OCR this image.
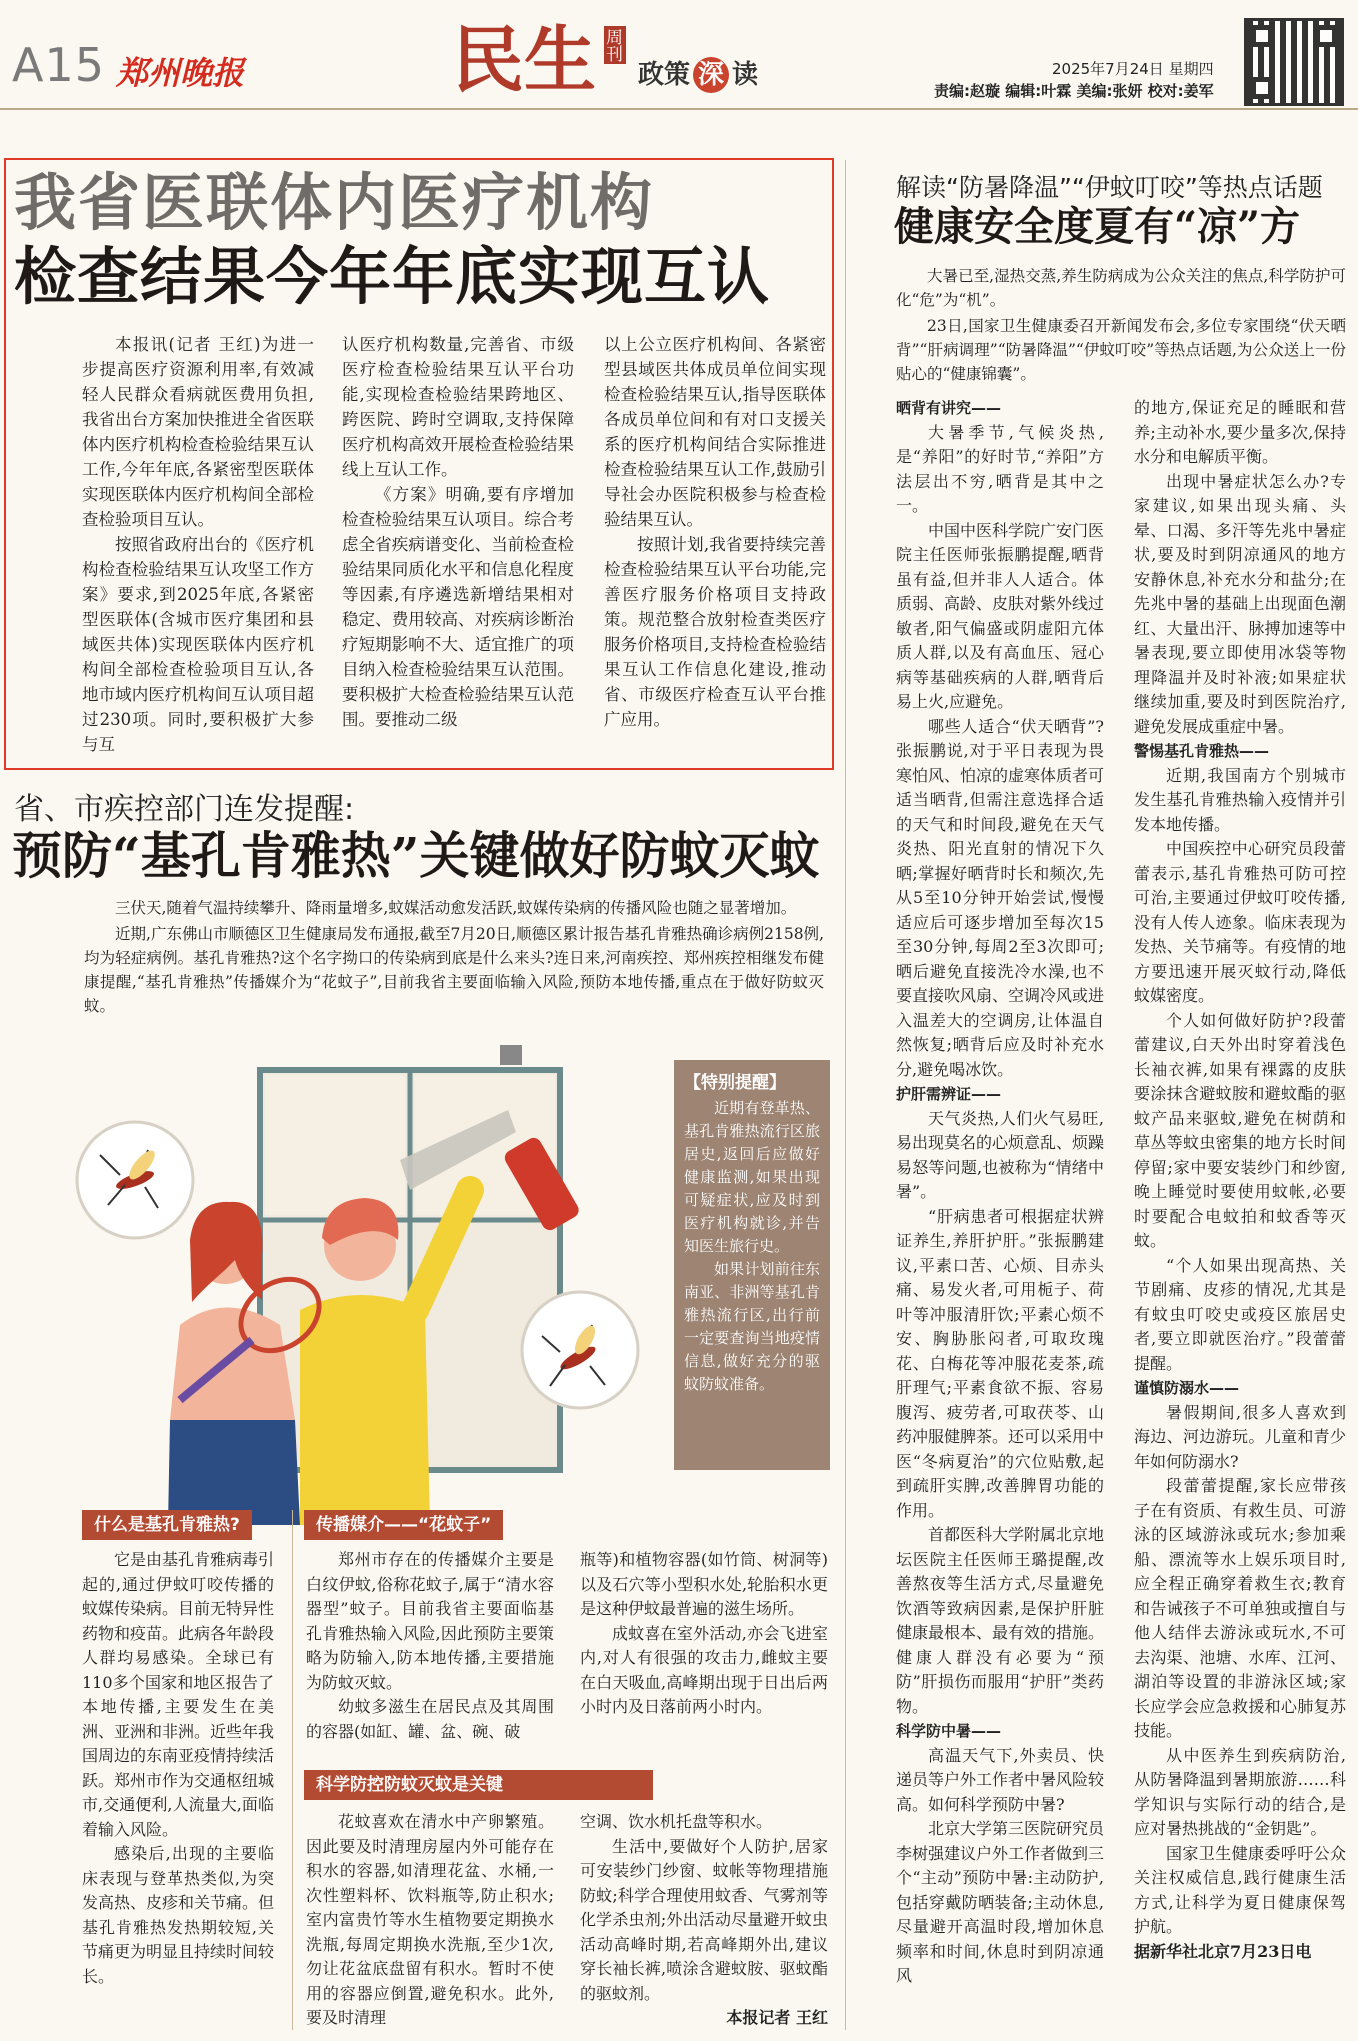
A15 郑州晚报	民 生 周刊
政策 深 读	2025年7月24日 星期四
责编:赵璇 编辑:叶霖 美编:张妍 校对:姜军
我省医联体内医疗机构
检查结果今年年底实现互认

本报讯(记者 王红)为进一步提高医疗资源利用率,有效减轻人民群众看病就医费用负担,我省出台方案加快推进全省医联体内医疗机构检查检验结果互认工作,今年年底,各紧密型医联体实现医联体内医疗机构间全部检查检验项目互认。

按照省政府出台的《医疗机构检查检验结果互认攻坚工作方案》要求,到2025年底,各紧密型医联体(含城市医疗集团和县域医共体)实现医联体内医疗机构间全部检查检验项目互认,各地市域内医疗机构间互认项目超过230项。同时,要积极扩大参与互

认医疗机构数量,完善省、市级医疗检查检验结果互认平台功能,实现检查检验结果跨地区、跨医院、跨时空调取,支持保障医疗机构高效开展检查检验结果线上互认工作。

《方案》明确,要有序增加检查检验结果互认项目。综合考虑全省疾病谱变化、当前检查检验结果同质化水平和信息化程度等因素,有序遴选新增结果相对稳定、费用较高、对疾病诊断治疗短期影响不大、适宜推广的项目纳入检查检验结果互认范围。要积极扩大检查检验结果互认范围。要推动二级

以上公立医疗机构间、各紧密型县域医共体成员单位间实现检查检验结果互认,指导医联体各成员单位间和有对口支援关系的医疗机构间结合实际推进检查检验结果互认工作,鼓励引导社会办医院积极参与检查检验结果互认。

按照计划,我省要持续完善检查检验结果互认平台功能,完善医疗服务价格项目支持政策。规范整合放射检查类医疗服务价格项目,支持检查检验结果互认工作信息化建设,推动省、市级医疗检查互认平台推广应用。

省、市疾控部门连发提醒:
预防“基孔肯雅热”关键做好防蚊灭蚊

三伏天,随着气温持续攀升、降雨量增多,蚊媒活动愈发活跃,蚊媒传染病的传播风险也随之显著增加。

近期,广东佛山市顺德区卫生健康局发布通报,截至7月20日,顺德区累计报告基孔肯雅热确诊病例2158例,均为轻症病例。基孔肯雅热?这个名字拗口的传染病到底是什么来头?连日来,河南疾控、郑州疾控相继发布健康提醒,“基孔肯雅热”传播媒介为“花蚊子”,目前我省主要面临输入风险,预防本地传播,重点在于做好防蚊灭蚊。

【特别提醒】

近期有登革热、基孔肯雅热流行区旅居史,返回后应做好健康监测,如果出现可疑症状,应及时到医疗机构就诊,并告知医生旅行史。

如果计划前往东南亚、非洲等基孔肯雅热流行区,出行前一定要查询当地疫情信息,做好充分的驱蚊防蚊准备。

什么是基孔肯雅热?

它是由基孔肯雅病毒引起的,通过伊蚊叮咬传播的蚊媒传染病。目前无特异性药物和疫苗。此病各年龄段人群均易感染。全球已有110多个国家和地区报告了本地传播,主要发生在美洲、亚洲和非洲。近些年我国周边的东南亚疫情持续活跃。郑州市作为交通枢纽城市,交通便利,人流量大,面临着输入风险。

感染后,出现的主要临床表现与登革热类似,为突发高热、皮疹和关节痛。但基孔肯雅热发热期较短,关节痛更为明显且持续时间较长。

传播媒介——“花蚊子”

郑州市存在的传播媒介主要是白纹伊蚊,俗称花蚊子,属于“清水容器型”蚊子。目前我省主要面临基孔肯雅热输入风险,因此预防主要策略为防输入,防本地传播,主要措施为防蚊灭蚊。

幼蚊多滋生在居民点及其周围的容器(如缸、罐、盆、碗、破

瓶等)和植物容器(如竹筒、树洞等)以及石穴等小型积水处,轮胎积水更是这种伊蚊最普遍的滋生场所。

成蚊喜在室外活动,亦会飞进室内,对人有很强的攻击力,雌蚊主要在白天吸血,高峰期出现于日出后两小时内及日落前两小时内。

科学防控防蚊灭蚊是关键

花蚊喜欢在清水中产卵繁殖。因此要及时清理房屋内外可能存在积水的容器,如清理花盆、水桶,一次性塑料杯、饮料瓶等,防止积水;室内富贵竹等水生植物要定期换水洗瓶,每周定期换水洗瓶,至少1次,勿让花盆底盘留有积水。暂时不使用的容器应倒置,避免积水。此外,要及时清理

空调、饮水机托盘等积水。

生活中,要做好个人防护,居家可安装纱门纱窗、蚊帐等物理措施防蚊;科学合理使用蚊香、气雾剂等化学杀虫剂;外出活动尽量避开蚊虫活动高峰时期,若高峰期外出,建议穿长袖长裤,喷涂含避蚊胺、驱蚊酯的驱蚊剂。

本报记者 王红

解读“防暑降温”“伊蚊叮咬”等热点话题
健康安全度夏有“凉”方

大暑已至,湿热交蒸,养生防病成为公众关注的焦点,科学防护可化“危”为“机”。

23日,国家卫生健康委召开新闻发布会,多位专家围绕“伏天晒背”“肝病调理”“防暑降温”“伊蚊叮咬”等热点话题,为公众送上一份贴心的“健康锦囊”。

晒背有讲究——

大暑季节,气候炎热,是“养阳”的好时节,“养阳”方法层出不穷,晒背是其中之一。

中国中医科学院广安门医院主任医师张振鹏提醒,晒背虽有益,但并非人人适合。体质弱、高龄、皮肤对紫外线过敏者,阳气偏盛或阴虚阳亢体质人群,以及有高血压、冠心病等基础疾病的人群,晒背后易上火,应避免。

哪些人适合“伏天晒背”?张振鹏说,对于平日表现为畏寒怕风、怕凉的虚寒体质者可适当晒背,但需注意选择合适的天气和时间段,避免在天气炎热、阳光直射的情况下久晒;掌握好晒背时长和频次,先从5至10分钟开始尝试,慢慢适应后可逐步增加至每次15至30分钟,每周2至3次即可;晒后避免直接洗冷水澡,也不要直接吹风扇、空调冷风或进入温差大的空调房,让体温自然恢复;晒背后应及时补充水分,避免喝冰饮。

护肝需辨证——

天气炎热,人们火气易旺,易出现莫名的心烦意乱、烦躁易怒等问题,也被称为“情绪中暑”。

“肝病患者可根据症状辨证养生,养肝护肝。”张振鹏建议,平素口苦、心烦、目赤头痛、易发火者,可用栀子、荷叶等冲服清肝饮;平素心烦不安、胸胁胀闷者,可取玫瑰花、白梅花等冲服花麦茶,疏肝理气;平素食欲不振、容易腹泻、疲劳者,可取茯苓、山药冲服健脾茶。还可以采用中医“冬病夏治”的穴位贴敷,起到疏肝实脾,改善脾胃功能的作用。

首都医科大学附属北京地坛医院主任医师王璐提醒,改善熬夜等生活方式,尽量避免饮酒等致病因素,是保护肝脏健康最根本、最有效的措施。健康人群没有必要为“预防”肝损伤而服用“护肝”类药物。

科学防中暑——

高温天气下,外卖员、快递员等户外工作者中暑风险较高。如何科学预防中暑?

北京大学第三医院研究员李树强建议户外工作者做到三个“主动”预防中暑:主动防护,包括穿戴防晒装备;主动休息,尽量避开高温时段,增加休息频率和时间,休息时到阴凉通风

的地方,保证充足的睡眠和营养;主动补水,要少量多次,保持水分和电解质平衡。

出现中暑症状怎么办?专家建议,如果出现头痛、头晕、口渴、多汗等先兆中暑症状,要及时到阴凉通风的地方安静休息,补充水分和盐分;在先兆中暑的基础上出现面色潮红、大量出汗、脉搏加速等中暑表现,要立即使用冰袋等物理降温并及时补液;如果症状继续加重,要及时到医院治疗,避免发展成重症中暑。

警惕基孔肯雅热——

近期,我国南方个别城市发生基孔肯雅热输入疫情并引发本地传播。

中国疾控中心研究员段蕾蕾表示,基孔肯雅热可防可控可治,主要通过伊蚊叮咬传播,没有人传人迹象。临床表现为发热、关节痛等。有疫情的地方要迅速开展灭蚊行动,降低蚊媒密度。

个人如何做好防护?段蕾蕾建议,白天外出时穿着浅色长袖衣裤,如果有裸露的皮肤要涂抹含避蚊胺和避蚊酯的驱蚊产品来驱蚊,避免在树荫和草丛等蚊虫密集的地方长时间停留;家中要安装纱门和纱窗,晚上睡觉时要使用蚊帐,必要时要配合电蚊拍和蚊香等灭蚊。

“个人如果出现高热、关节剧痛、皮疹的情况,尤其是有蚊虫叮咬史或疫区旅居史者,要立即就医治疗。”段蕾蕾提醒。

谨慎防溺水——

暑假期间,很多人喜欢到海边、河边游玩。儿童和青少年如何防溺水?

段蕾蕾提醒,家长应带孩子在有资质、有救生员、可游泳的区域游泳或玩水;参加乘船、漂流等水上娱乐项目时,应全程正确穿着救生衣;教育和告诫孩子不可单独或擅自与他人结伴去游泳或玩水,不可去沟渠、池塘、水库、江河、湖泊等设置的非游泳区域;家长应学会应急救援和心肺复苏技能。

从中医养生到疾病防治,从防暑降温到暑期旅游……科学知识与实际行动的结合,是应对暑热挑战的“金钥匙”。

国家卫生健康委呼吁公众关注权威信息,践行健康生活方式,让科学为夏日健康保驾护航。

据新华社北京7月23日电
